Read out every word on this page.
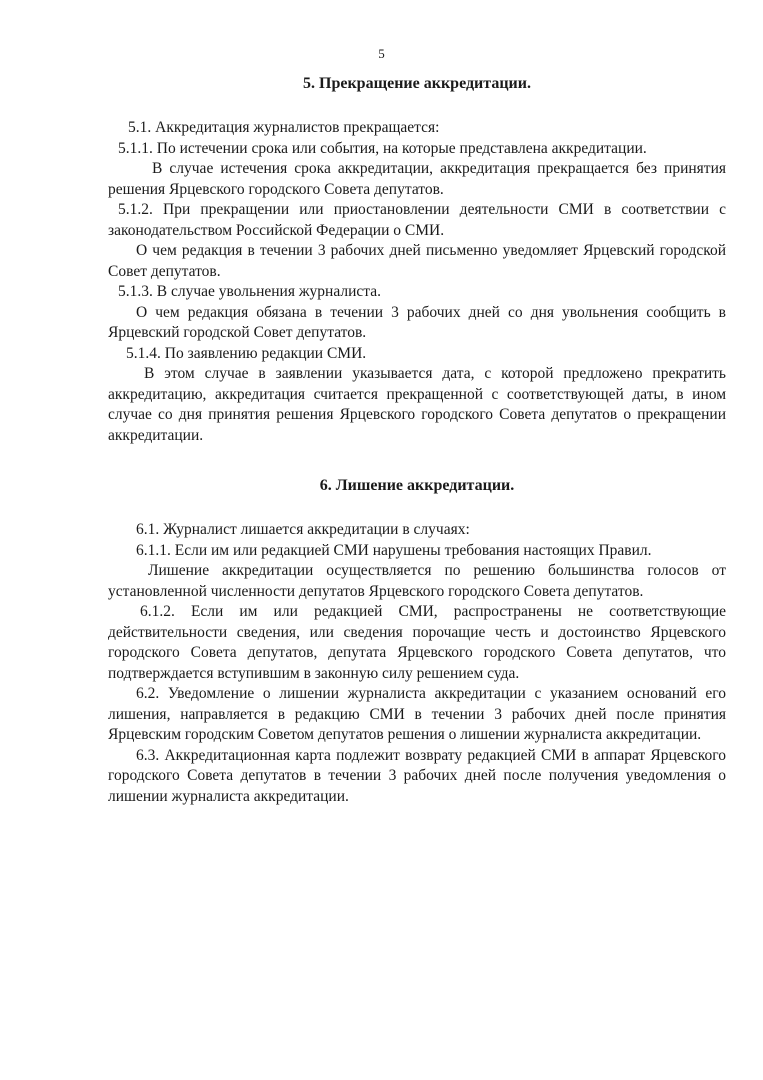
5
5. Прекращение аккредитации.

5.1. Аккредитация журналистов прекращается:

5.1.1. По истечении срока или события, на которые представлена аккредитации.

В случае истечения срока аккредитации, аккредитация прекращается без принятия решения Ярцевского городского Совета депутатов.

5.1.2. При прекращении или приостановлении деятельности СМИ в соответствии с законодательством Российской Федерации о СМИ.

О чем редакция в течении 3 рабочих дней письменно уведомляет Ярцевский городской Совет депутатов.

5.1.3. В случае увольнения журналиста.

О чем редакция обязана в течении 3 рабочих дней со дня увольнения сообщить в Ярцевский городской Совет депутатов.

5.1.4. По заявлению редакции СМИ.

В этом случае в заявлении указывается дата, с которой предложено прекратить аккредитацию, аккредитация считается прекращенной с соответствующей даты, в ином случае со дня принятия решения Ярцевского городского Совета депутатов о прекращении аккредитации.

6. Лишение аккредитации.

6.1. Журналист лишается аккредитации в случаях:

6.1.1. Если им или редакцией СМИ нарушены требования настоящих Правил.

Лишение аккредитации осуществляется по решению большинства голосов от установленной численности депутатов Ярцевского городского Совета депутатов.

6.1.2. Если им или редакцией СМИ, распространены не соответствующие действительности сведения, или сведения порочащие честь и достоинство Ярцевского городского Совета депутатов, депутата Ярцевского городского Совета депутатов, что подтверждается вступившим в законную силу решением суда.

6.2. Уведомление о лишении журналиста аккредитации с указанием оснований его лишения, направляется в редакцию СМИ в течении 3 рабочих дней после принятия Ярцевским городским Советом депутатов решения о лишении журналиста аккредитации.

6.3. Аккредитационная карта подлежит возврату редакцией СМИ в аппарат Ярцевского городского Совета депутатов в течении 3 рабочих дней после получения уведомления о лишении журналиста аккредитации.
